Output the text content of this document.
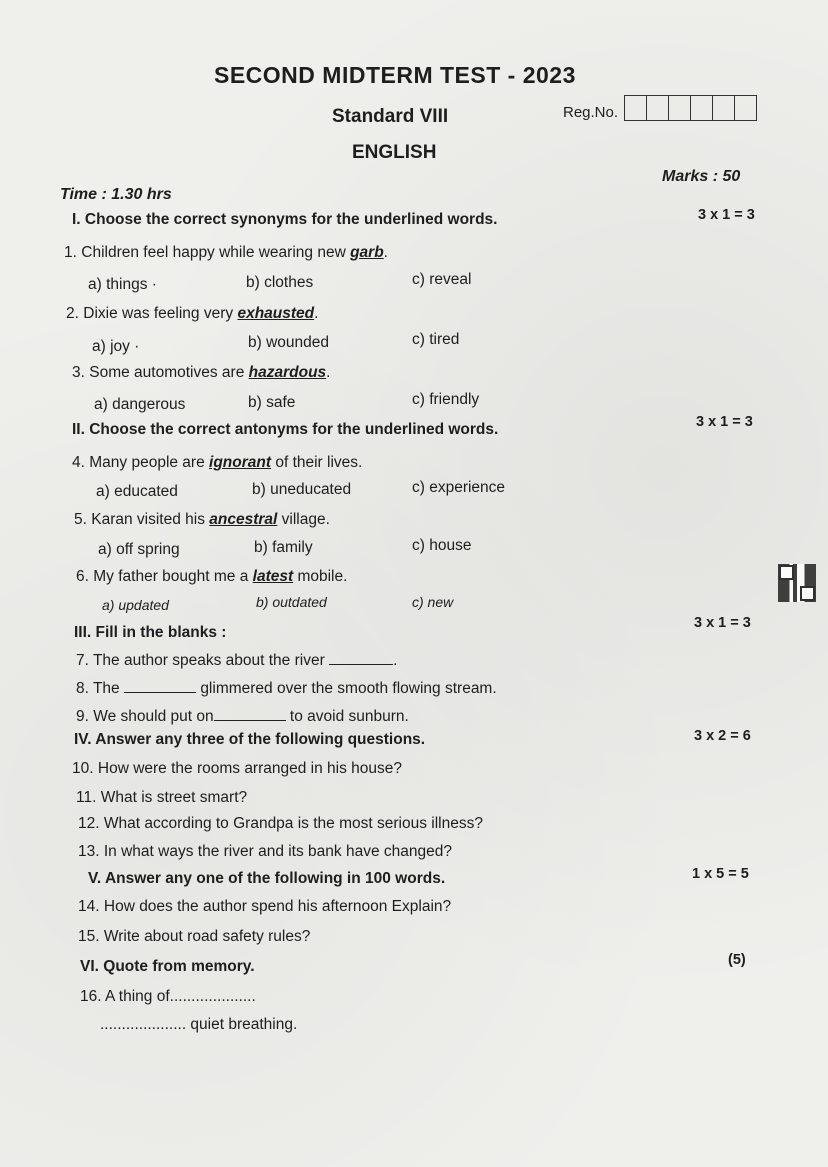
SECOND MIDTERM TEST - 2023
Standard VIII	Reg.No.
ENGLISH
Time : 1.30 hrs
Marks : 50
I. Choose the correct synonyms for the underlined words.	3 x 1 = 3
1. Children feel happy while wearing new garb.
a) things ·	b) clothes	c) reveal
2. Dixie was feeling very exhausted.
a) joy ·	b) wounded	c) tired
3. Some automotives are hazardous.
a) dangerous	b) safe	c) friendly
II. Choose the correct antonyms for the underlined words.	3 x 1 = 3
4. Many people are ignorant of their lives.
a) educated	b) uneducated	c) experience
5. Karan visited his ancestral village.
a) off spring	b) family	c) house
6. My father bought me a latest mobile.
a) updated	b) outdated	c) new
III. Fill in the blanks :
3 x 1 = 3
7. The author speaks about the river	.
8. The	glimmered over the smooth flowing stream.
9. We should put on	to avoid sunburn.
IV. Answer any three of the following questions.	3 x 2 = 6
10. How were the rooms arranged in his house?
11. What is street smart?
12. What according to Grandpa is the most serious illness?
13. In what ways the river and its bank have changed?
V. Answer any one of the following in 100 words.	1 x 5 = 5
14. How does the author spend his afternoon Explain?
15. Write about road safety rules?
VI. Quote from memory.	(5)
16. A thing of....................
.................... quiet breathing.
